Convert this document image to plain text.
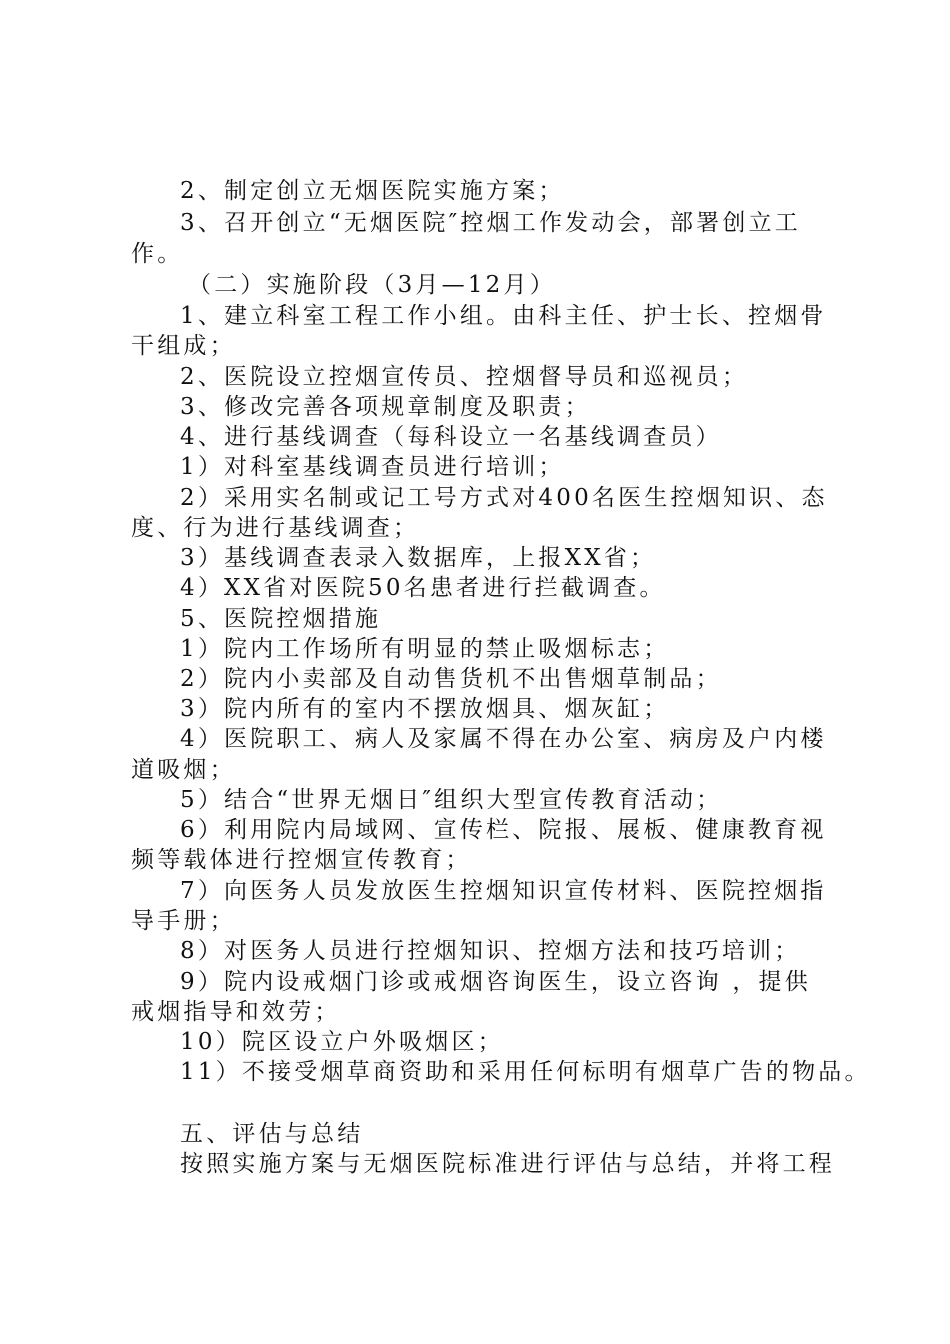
2、制定创立无烟医院实施方案；
3、召开创立“无烟医院″控烟工作发动会，部署创立工
作。
（二）实施阶段（3月—12月）
1、建立科室工程工作小组。由科主任、护士长、控烟骨
干组成；
2、医院设立控烟宣传员、控烟督导员和巡视员；
3、修改完善各项规章制度及职责；
4、进行基线调查（每科设立一名基线调查员）
1）对科室基线调查员进行培训；
2）采用实名制或记工号方式对400名医生控烟知识、态
度、行为进行基线调查；
3）基线调查表录入数据库，上报XX省；
4）XX省对医院50名患者进行拦截调查。
5、医院控烟措施
1）院内工作场所有明显的禁止吸烟标志；
2）院内小卖部及自动售货机不出售烟草制品；
3）院内所有的室内不摆放烟具、烟灰缸；
4）医院职工、病人及家属不得在办公室、病房及户内楼
道吸烟；
5）结合“世界无烟日″组织大型宣传教育活动；
6）利用院内局域网、宣传栏、院报、展板、健康教育视
频等载体进行控烟宣传教育；
7）向医务人员发放医生控烟知识宣传材料、医院控烟指
导手册；
8）对医务人员进行控烟知识、控烟方法和技巧培训；
9）院内设戒烟门诊或戒烟咨询医生，设立咨询 ，提供
戒烟指导和效劳；
10）院区设立户外吸烟区；
11）不接受烟草商资助和采用任何标明有烟草广告的物品。
五、评估与总结
按照实施方案与无烟医院标准进行评估与总结，并将工程
